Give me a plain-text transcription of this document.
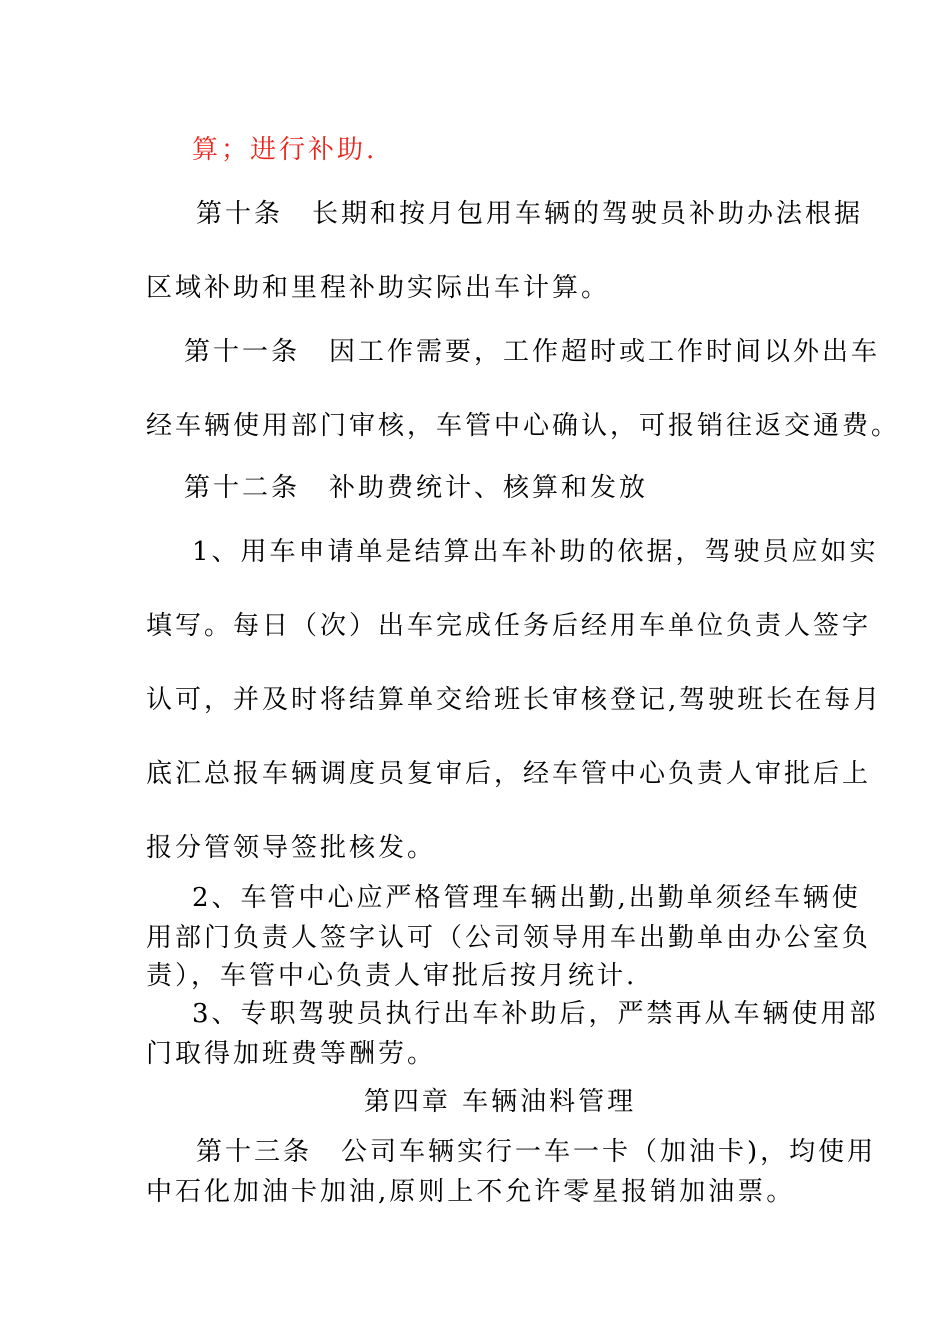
算；进行补助.
第十条　长期和按月包用车辆的驾驶员补助办法根据
区域补助和里程补助实际出车计算。
第十一条　因工作需要，工作超时或工作时间以外出车
经车辆使用部门审核，车管中心确认，可报销往返交通费。
第十二条　补助费统计、核算和发放
1、用车申请单是结算出车补助的依据，驾驶员应如实
填写。每日（次）出车完成任务后经用车单位负责人签字
认可，并及时将结算单交给班长审核登记,驾驶班长在每月
底汇总报车辆调度员复审后，经车管中心负责人审批后上
报分管领导签批核发。
2、车管中心应严格管理车辆出勤,出勤单须经车辆使
用部门负责人签字认可（公司领导用车出勤单由办公室负
责），车管中心负责人审批后按月统计.
3、专职驾驶员执行出车补助后，严禁再从车辆使用部
门取得加班费等酬劳。
第四章 车辆油料管理
第十三条　公司车辆实行一车一卡（加油卡)，均使用
中石化加油卡加油,原则上不允许零星报销加油票。
